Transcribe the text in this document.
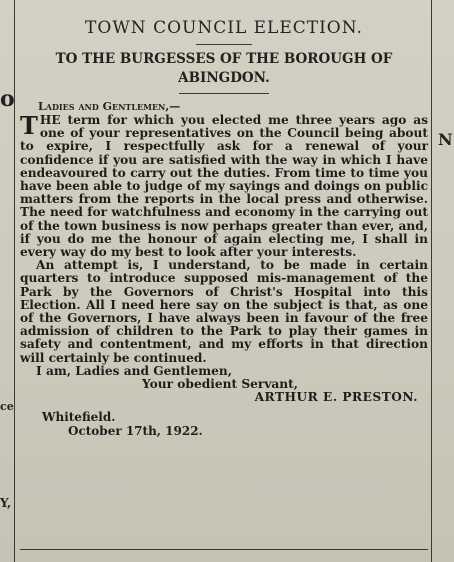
o
ce
Y,
N
TOWN COUNCIL ELECTION.
TO THE BURGESSES OF THE BOROUGH OF
ABINGDON.
Ladies and Gentlemen,—

THE term for which you elected me three years ago as one of your representatives on the Council being about to expire, I respectfully ask for a renewal of your confidence if you are satisfied with the way in which I have endeavoured to carry out the duties. From time to time you have been able to judge of my sayings and doings on public matters from the reports in the local press and otherwise. The need for watchfulness and economy in the carrying out of the town business is now perhaps greater than ever, and, if you do me the honour of again electing me, I shall in every way do my best to look after your interests.

An attempt is, I understand, to be made in certain quarters to introduce supposed mis-management of the Park by the Governors of Christ's Hospital into this Election. All I need here say on the subject is that, as one of the Governors, I have always been in favour of the free admission of children to the Park to play their games in safety and contentment, and my efforts in that direction will certainly be continued.

I am, Ladies and Gentlemen,
Your obedient Servant,
ARTHUR E. PRESTON.
Whitefield.
October 17th, 1922.
